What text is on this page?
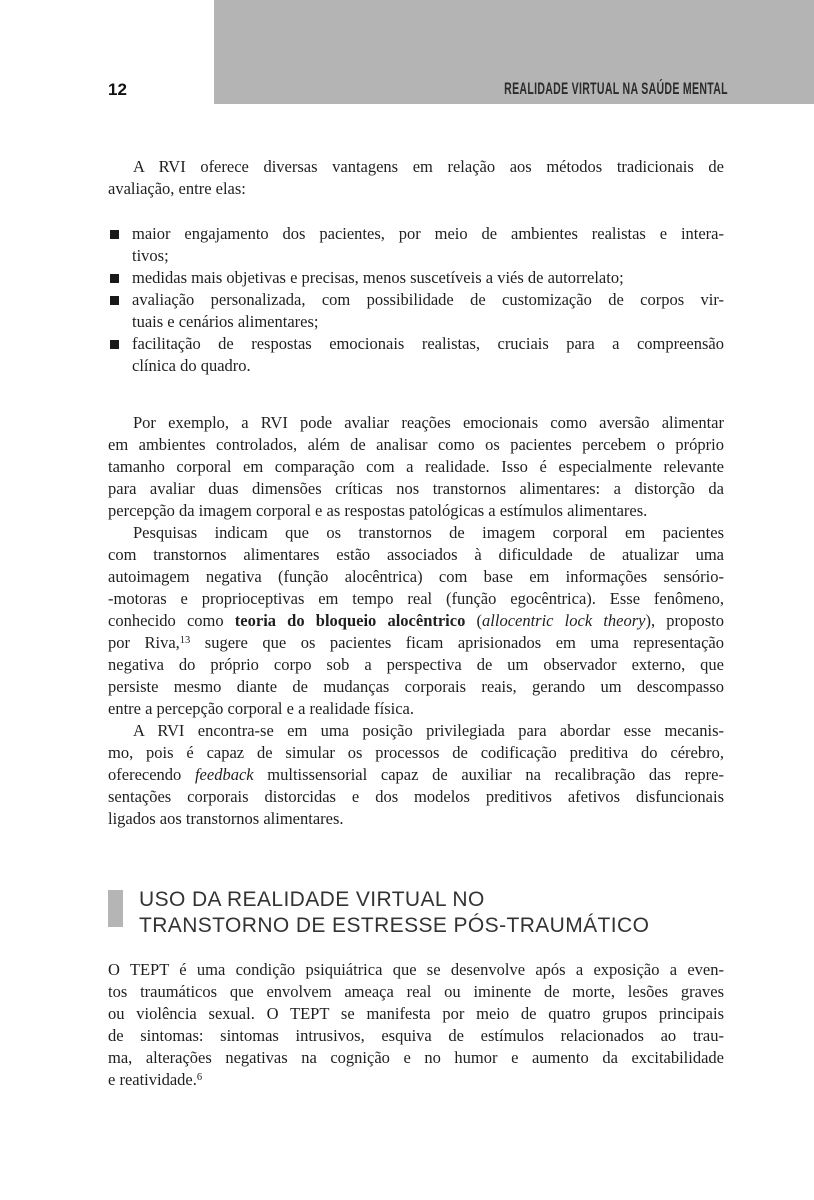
REALIDADE VIRTUAL NA SAÚDE MENTAL
12
A RVI oferece diversas vantagens em relação aos métodos tradicionais de
avaliação, entre elas:
maior engajamento dos pacientes, por meio de ambientes realistas e intera-
tivos;
medidas mais objetivas e precisas, menos suscetíveis a viés de autorrelato;
avaliação personalizada, com possibilidade de customização de corpos vir-
tuais e cenários alimentares;
facilitação de respostas emocionais realistas, cruciais para a compreensão
clínica do quadro.
Por exemplo, a RVI pode avaliar reações emocionais como aversão alimentar
em ambientes controlados, além de analisar como os pacientes percebem o próprio
tamanho corporal em comparação com a realidade. Isso é especialmente relevante
para avaliar duas dimensões críticas nos transtornos alimentares: a distorção da
percepção da imagem corporal e as respostas patológicas a estímulos alimentares.
Pesquisas indicam que os transtornos de imagem corporal em pacientes
com transtornos alimentares estão associados à dificuldade de atualizar uma
autoimagem negativa (função alocêntrica) com base em informações sensório-
-motoras e proprioceptivas em tempo real (função egocêntrica). Esse fenômeno,
conhecido como teoria do bloqueio alocêntrico (allocentric lock theory), proposto
por Riva,$^{13}$ sugere que os pacientes ficam aprisionados em uma representação
negativa do próprio corpo sob a perspectiva de um observador externo, que
persiste mesmo diante de mudanças corporais reais, gerando um descompasso
entre a percepção corporal e a realidade física.
A RVI encontra-se em uma posição privilegiada para abordar esse mecanis-
mo, pois é capaz de simular os processos de codificação preditiva do cérebro,
oferecendo feedback multissensorial capaz de auxiliar na recalibração das repre-
sentações corporais distorcidas e dos modelos preditivos afetivos disfuncionais
ligados aos transtornos alimentares.
USO DA REALIDADE VIRTUAL NO
TRANSTORNO DE ESTRESSE PÓS-TRAUMÁTICO
O TEPT é uma condição psiquiátrica que se desenvolve após a exposição a even-
tos traumáticos que envolvem ameaça real ou iminente de morte, lesões graves
ou violência sexual. O TEPT se manifesta por meio de quatro grupos principais
de sintomas: sintomas intrusivos, esquiva de estímulos relacionados ao trau-
ma, alterações negativas na cognição e no humor e aumento da excitabilidade
e reatividade.$^6$
